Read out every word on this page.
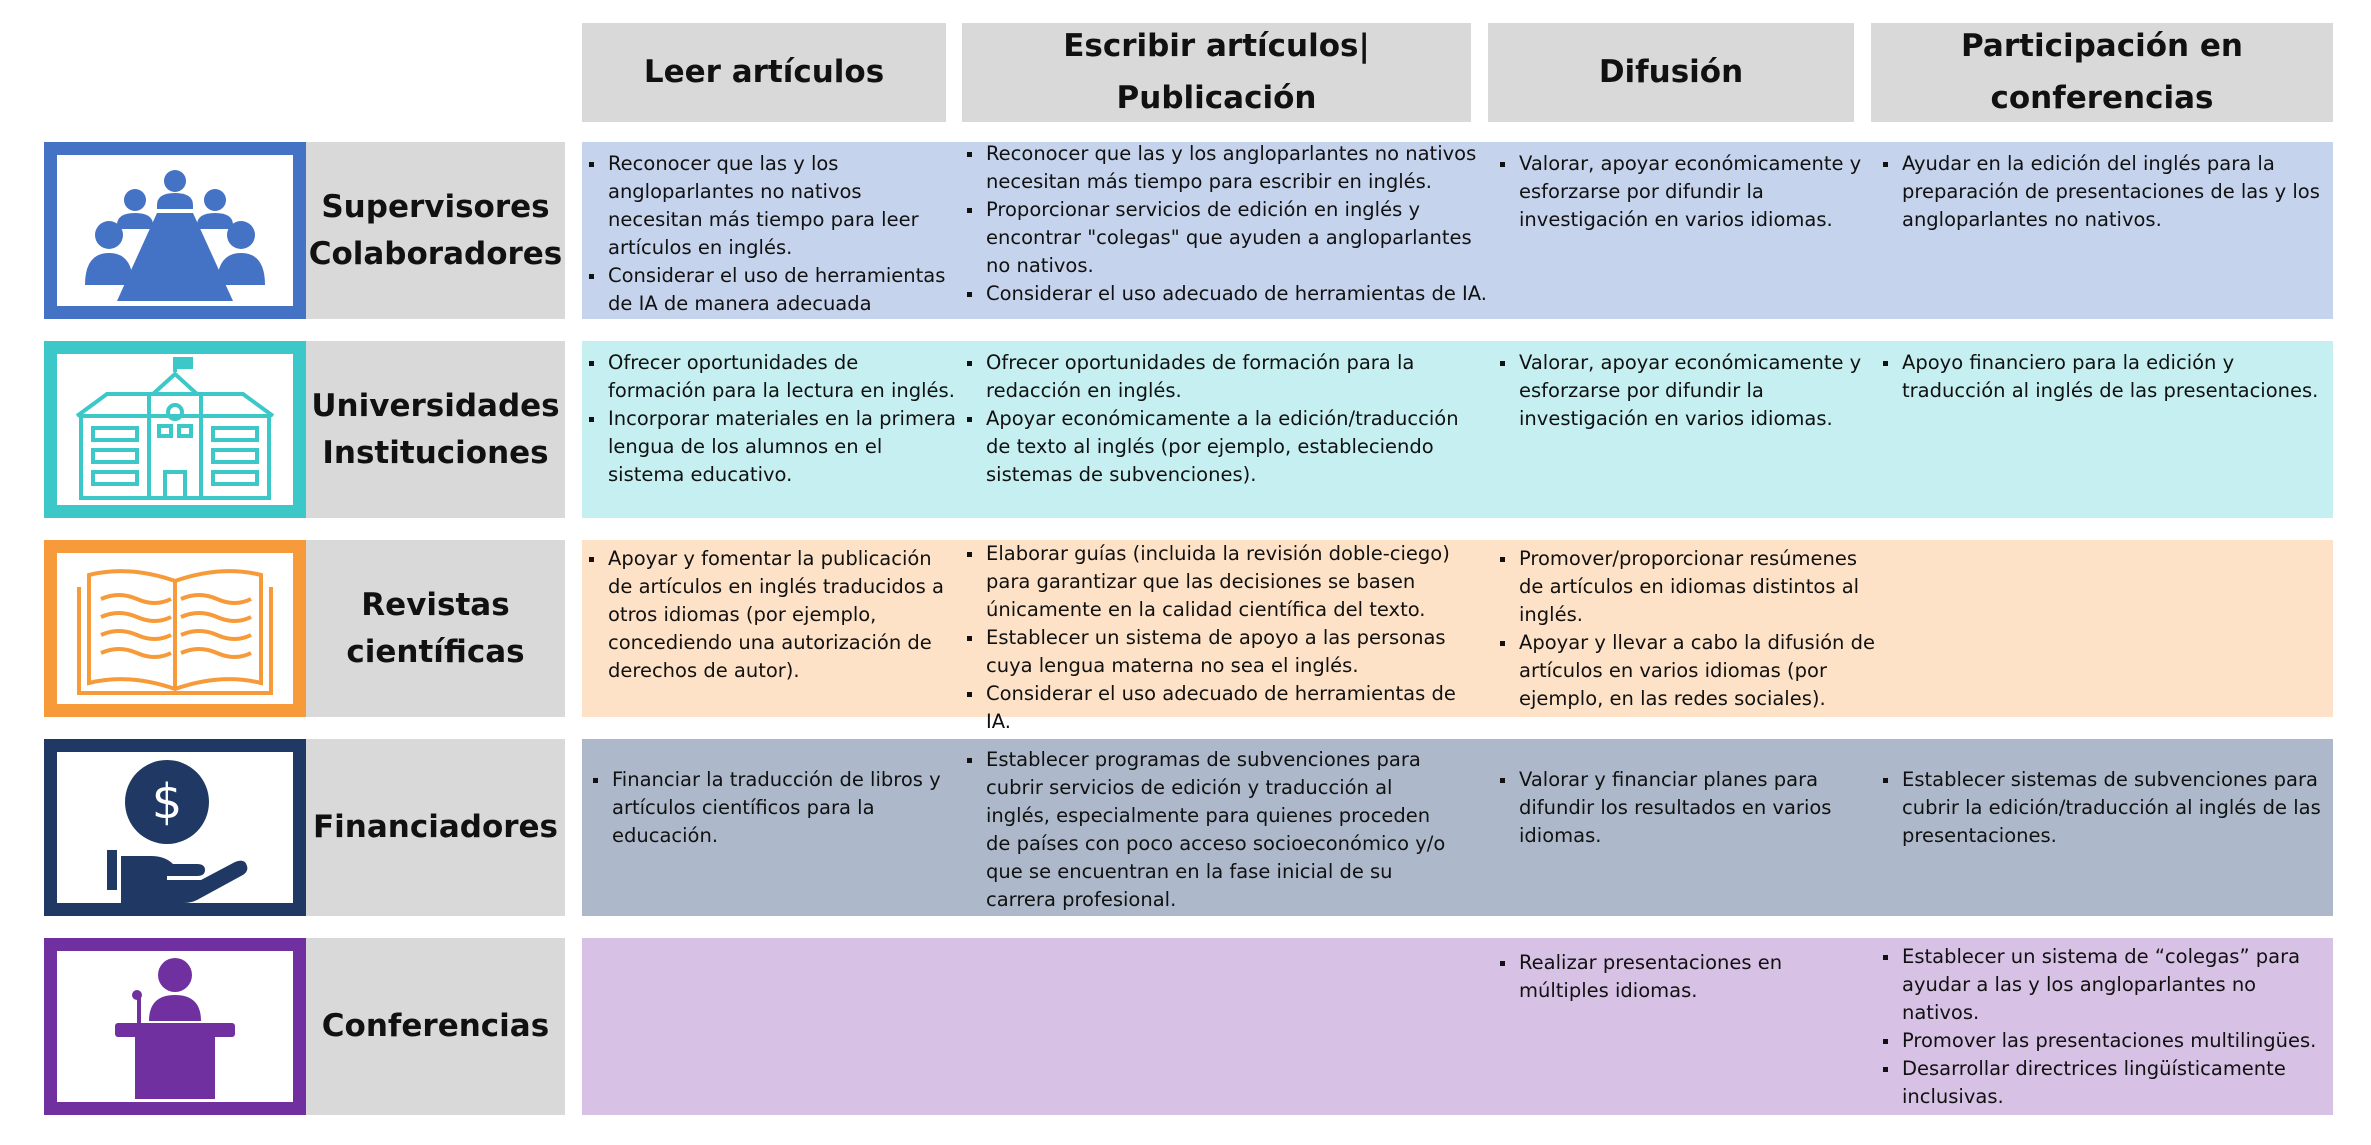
Leer artículos
Escribir artículos| Publicación
Difusión
Participación en conferencias
Supervisores
Colaboradores
Reconocer que las y los angloparlantes no nativos necesitan más tiempo para leer artículos en inglés.
Considerar el uso de herramientas de IA de manera adecuada
Reconocer que las y los angloparlantes no nativos necesitan más tiempo para escribir en inglés.
Proporcionar servicios de edición en inglés y encontrar "colegas" que ayuden a angloparlantes no nativos.
Considerar el uso adecuado de herramientas de IA.
Valorar, apoyar económicamente y esforzarse por difundir la investigación en varios idiomas.
Ayudar en la edición del inglés para la preparación de presentaciones de las y los angloparlantes no nativos.
Universidades
Instituciones
Ofrecer oportunidades de formación para la lectura en inglés.
Incorporar materiales en la primera lengua de los alumnos en el sistema educativo.
Ofrecer oportunidades de formación para la redacción en inglés.
Apoyar económicamente a la edición/traducción de texto al inglés (por ejemplo, estableciendo sistemas de subvenciones).
Valorar, apoyar económicamente y esforzarse por difundir la investigación en varios idiomas.
Apoyo financiero para la edición y traducción al inglés de las presentaciones.
Revistas
científicas
Apoyar y fomentar la publicación de artículos en inglés traducidos a otros idiomas (por ejemplo, concediendo una autorización de derechos de autor).
Elaborar guías (incluida la revisión doble-ciego) para garantizar que las decisiones se basen únicamente en la calidad científica del texto.
Establecer un sistema de apoyo a las personas cuya lengua materna no sea el inglés.
Considerar el uso adecuado de herramientas de IA.
Promover/proporcionar resúmenes de artículos en idiomas distintos al inglés.
Apoyar y llevar a cabo la difusión de artículos en varios idiomas (por ejemplo, en las redes sociales).
$	Financiadores
Financiar la traducción de libros y artículos científicos para la educación.
Establecer programas de subvenciones para cubrir servicios de edición y traducción al inglés, especialmente para quienes proceden de países con poco acceso socioeconómico y/o que se encuentran en la fase inicial de su carrera profesional.
Valorar y financiar planes para difundir los resultados en varios idiomas.
Establecer sistemas de subvenciones para cubrir la edición/traducción al inglés de las presentaciones.
Conferencias
Realizar presentaciones en múltiples idiomas.
Establecer un sistema de “colegas” para ayudar a las y los angloparlantes no nativos.
Promover las presentaciones multilingües.
Desarrollar directrices lingüísticamente inclusivas.
